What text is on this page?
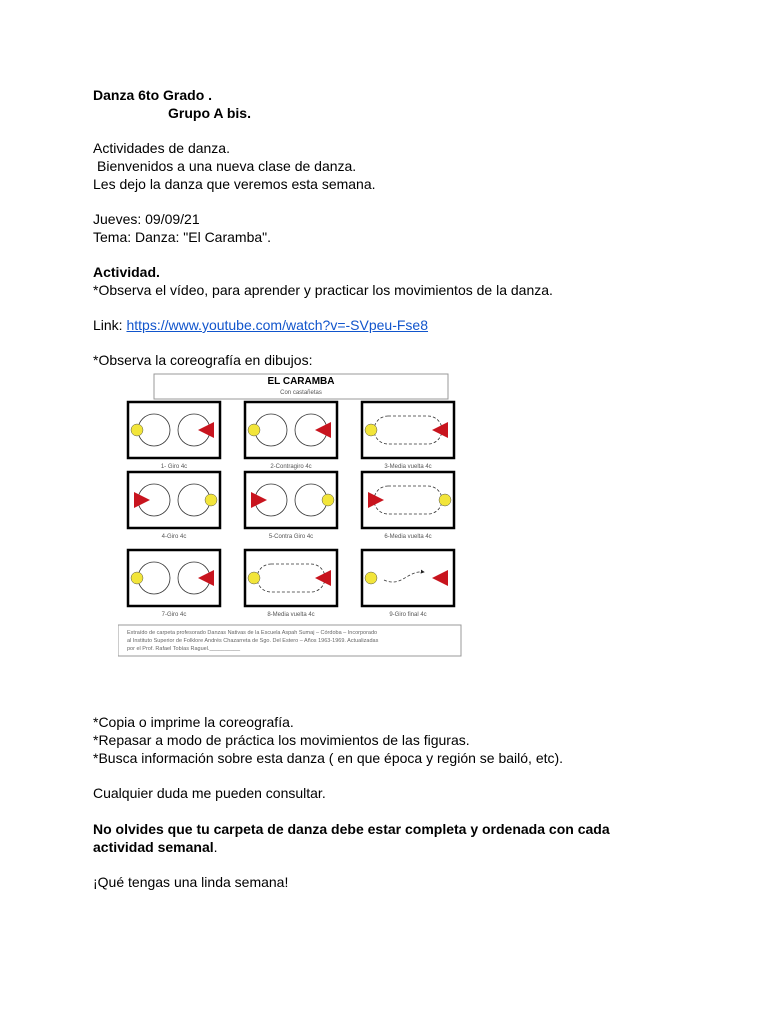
Danza 6to Grado .
Grupo A bis.
Actividades de danza.
Bienvenidos a una nueva clase de danza.
Les dejo la danza que veremos esta semana.
Jueves: 09/09/21
Tema: Danza: "El Caramba".
Actividad.
*Observa el vídeo, para aprender y practicar los movimientos de la danza.
Link: https://www.youtube.com/watch?v=-SVpeu-Fse8
*Observa la coreografía en dibujos:
EL CARAMBA
Con castañetas
1- Giro 4c	2-Contragiro 4c	3-Media vuelta 4c
4-Giro 4c	5-Contra Giro 4c	6-Media vuelta 4c
7-Giro 4c	8-Media vuelta 4c	9-Giro final 4c
Extraído de carpeta profesorado Danzas Nativas de la Escuela Aspah Sumaj – Córdoba – Incorporado
al Instituto Superior de Folklore Andrés Chazarreta de Sgo. Del Estero – Años 1963-1969. Actualizadas
por el Prof. Rafael Tobías Raguel.__________
*Copia o imprime la coreografía.
*Repasar a modo de práctica los movimientos de las figuras.
*Busca información sobre esta danza ( en que época y región se bailó, etc).
Cualquier duda me pueden consultar.
No olvides que tu carpeta de danza debe estar completa y ordenada con cada
actividad semanal.
¡Qué tengas una linda semana!
